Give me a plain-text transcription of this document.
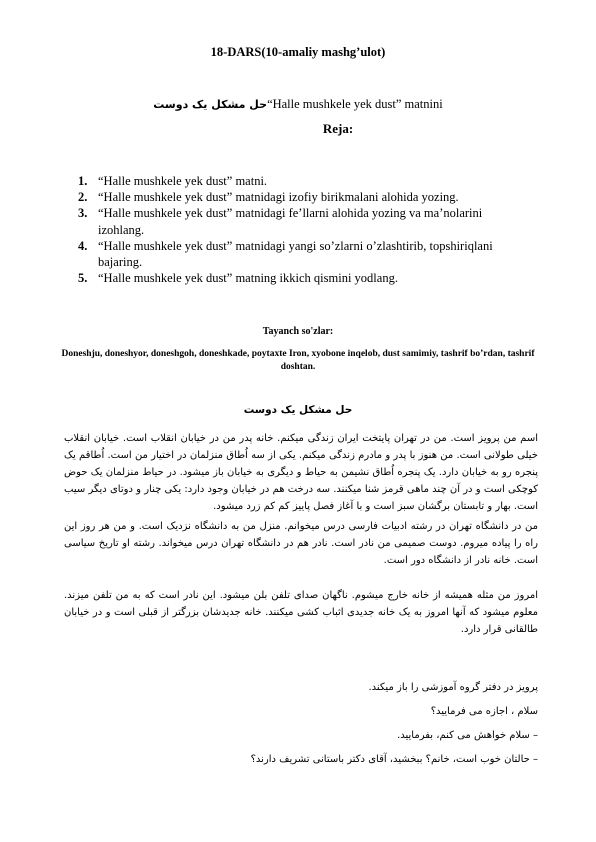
18-DARS(10-amaliy mashg’ulot)
حل مشکل یک دوست“Halle mushkele yek dust” matnini
Reja:
1. “Halle mushkele yek dust” matni.
2. “Halle mushkele yek dust” matnidagi izofiy birikmalani alohida yozing.
3. “Halle mushkele yek dust” matnidagi fe’llarni alohida yozing va ma’nolarini izohlang.
4. “Halle mushkele yek dust” matnidagi yangi so’zlarni o’zlashtirib, topshiriqlani bajaring.
5. “Halle mushkele yek dust” matning ikkich qismini yodlang.
Tayanch so'zlar:
Doneshju, doneshyor, doneshgoh, doneshkade, poytaxte Iron, xyobone inqelob, dust samimiy, tashrif bo’rdan, tashrif doshtan.
حل مشکل یک دوست
اسم من پرویز است. من در تهران پایتخت ایران زندگی میکنم. خانه پدر من در خیابان انقلاب است. خیابان انقلاب خیلی طولانی است. من هنوز با پدر و مادرم زندگی میکنم. یکی از سه اُطاق منزلمان در اختیار من است. اُطاقم یک پنجره رو به خیابان دارد. یک پنجره اُطاق نشیمن به حیاط و دیگری به خیابان باز میشود. در حیاط منزلمان یک حوض کوچکی است و در آن چند ماهی قرمز شنا میکنند. سه درخت هم در خیابان وجود دارد: یکی چنار و دوتای دیگر سیب است. بهار و تابستان برگشان سبز است و با آغاز فصل پاییز کم کم زرد میشود.
من در دانشگاه تهران در رشته ادبیات فارسی درس میخوانم. منزل من به دانشگاه نزدیک است. و من هر روز این راه را پیاده میروم. دوست صمیمی من نادر است. نادر هم در دانشگاه تهران درس میخواند. رشته او تاریخ سیاسی است. خانه نادر از دانشگاه دور است.
امروز من مثله همیشه از خانه خارج میشوم. ناگهان صدای تلفن بلن میشود. این نادر است که به من تلفن میزند. معلوم میشود که آنها امروز به یک خانه جدیدی اثباب کشی میکنند. خانه جدیدشان بزرگتر از قبلی است و در خیابان طالقانی قرار دارد.
پرویز در دفتر گروه آموزشی را باز میکند.
سلام ، اجازه می فرمایید؟
– سلام خواهش می کنم، بفرمایید.
– حالتان خوب است، خانم؟ ببخشید، آقای دکتر باستانی تشریف دارند؟
